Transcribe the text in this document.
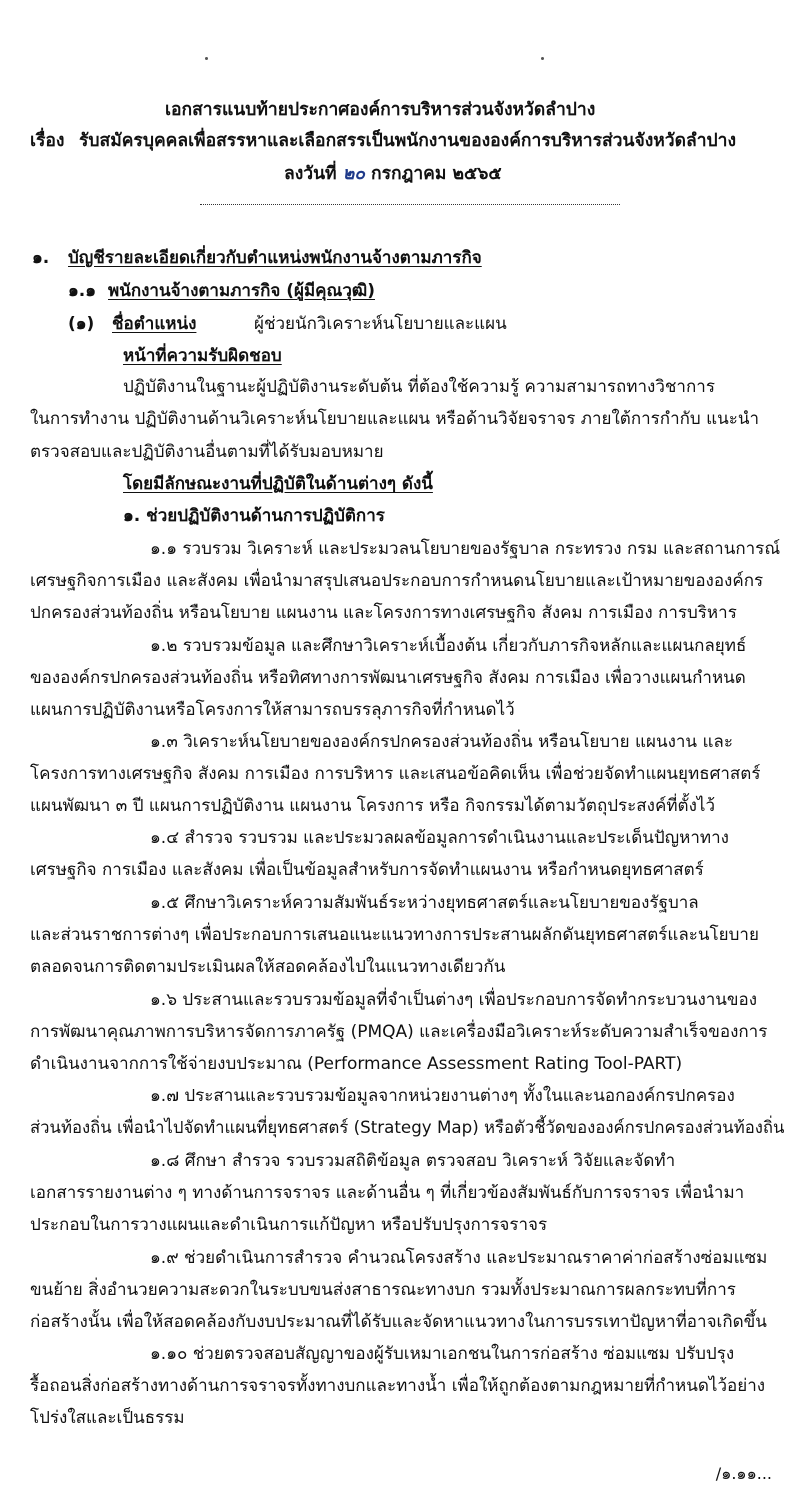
เอกสารแนบท้ายประกาศองค์การบริหารส่วนจังหวัดลำปาง
เรื่อง รับสมัครบุคคลเพื่อสรรหาและเลือกสรรเป็นพนักงานขององค์การบริหารส่วนจังหวัดลำปาง
ลงวันที่ ๒๐ กรกฎาคม ๒๕๖๕
๑. บัญชีรายละเอียดเกี่ยวกับตำแหน่งพนักงานจ้างตามภารกิจ
๑.๑ พนักงานจ้างตามภารกิจ (ผู้มีคุณวุฒิ)
(๑) ชื่อตำแหน่ง	ผู้ช่วยนักวิเคราะห์นโยบายและแผน
หน้าที่ความรับผิดชอบ
ปฏิบัติงานในฐานะผู้ปฏิบัติงานระดับต้น ที่ต้องใช้ความรู้ ความสามารถทางวิชาการ
ในการทำงาน ปฏิบัติงานด้านวิเคราะห์นโยบายและแผน หรือด้านวิจัยจราจร ภายใต้การกำกับ แนะนำ
ตรวจสอบและปฏิบัติงานอื่นตามที่ได้รับมอบหมาย
โดยมีลักษณะงานที่ปฏิบัติในด้านต่างๆ ดังนี้
๑. ช่วยปฏิบัติงานด้านการปฏิบัติการ
๑.๑ รวบรวม วิเคราะห์ และประมวลนโยบายของรัฐบาล กระทรวง กรม และสถานการณ์
เศรษฐกิจการเมือง และสังคม เพื่อนำมาสรุปเสนอประกอบการกำหนดนโยบายและเป้าหมายขององค์กร
ปกครองส่วนท้องถิ่น หรือนโยบาย แผนงาน และโครงการทางเศรษฐกิจ สังคม การเมือง การบริหาร
๑.๒ รวบรวมข้อมูล และศึกษาวิเคราะห์เบื้องต้น เกี่ยวกับภารกิจหลักและแผนกลยุทธ์
ขององค์กรปกครองส่วนท้องถิ่น หรือทิศทางการพัฒนาเศรษฐกิจ สังคม การเมือง เพื่อวางแผนกำหนด
แผนการปฏิบัติงานหรือโครงการให้สามารถบรรลุภารกิจที่กำหนดไว้
๑.๓ วิเคราะห์นโยบายขององค์กรปกครองส่วนท้องถิ่น หรือนโยบาย แผนงาน และ
โครงการทางเศรษฐกิจ สังคม การเมือง การบริหาร และเสนอข้อคิดเห็น เพื่อช่วยจัดทำแผนยุทธศาสตร์
แผนพัฒนา ๓ ปี แผนการปฏิบัติงาน แผนงาน โครงการ หรือ กิจกรรมได้ตามวัตถุประสงค์ที่ตั้งไว้
๑.๔ สำรวจ รวบรวม และประมวลผลข้อมูลการดำเนินงานและประเด็นปัญหาทาง
เศรษฐกิจ การเมือง และสังคม เพื่อเป็นข้อมูลสำหรับการจัดทำแผนงาน หรือกำหนดยุทธศาสตร์
๑.๕ ศึกษาวิเคราะห์ความสัมพันธ์ระหว่างยุทธศาสตร์และนโยบายของรัฐบาล
และส่วนราชการต่างๆ เพื่อประกอบการเสนอแนะแนวทางการประสานผลักดันยุทธศาสตร์และนโยบาย
ตลอดจนการติดตามประเมินผลให้สอดคล้องไปในแนวทางเดียวกัน
๑.๖ ประสานและรวบรวมข้อมูลที่จำเป็นต่างๆ เพื่อประกอบการจัดทำกระบวนงานของ
การพัฒนาคุณภาพการบริหารจัดการภาครัฐ (PMQA) และเครื่องมือวิเคราะห์ระดับความสำเร็จของการ
ดำเนินงานจากการใช้จ่ายงบประมาณ (Performance Assessment Rating Tool-PART)
๑.๗ ประสานและรวบรวมข้อมูลจากหน่วยงานต่างๆ ทั้งในและนอกองค์กรปกครอง
ส่วนท้องถิ่น เพื่อนำไปจัดทำแผนที่ยุทธศาสตร์ (Strategy Map) หรือตัวชี้วัดขององค์กรปกครองส่วนท้องถิ่น
๑.๘ ศึกษา สำรวจ รวบรวมสถิติข้อมูล ตรวจสอบ วิเคราะห์ วิจัยและจัดทำ
เอกสารรายงานต่าง ๆ ทางด้านการจราจร และด้านอื่น ๆ ที่เกี่ยวข้องสัมพันธ์กับการจราจร เพื่อนำมา
ประกอบในการวางแผนและดำเนินการแก้ปัญหา หรือปรับปรุงการจราจร
๑.๙ ช่วยดำเนินการสำรวจ คำนวณโครงสร้าง และประมาณราคาค่าก่อสร้างซ่อมแซม
ขนย้าย สิ่งอำนวยความสะดวกในระบบขนส่งสาธารณะทางบก รวมทั้งประมาณการผลกระทบที่การ
ก่อสร้างนั้น เพื่อให้สอดคล้องกับงบประมาณที่ได้รับและจัดหาแนวทางในการบรรเทาปัญหาที่อาจเกิดขึ้น
๑.๑๐ ช่วยตรวจสอบสัญญาของผู้รับเหมาเอกชนในการก่อสร้าง ซ่อมแซม ปรับปรุง
รื้อถอนสิ่งก่อสร้างทางด้านการจราจรทั้งทางบกและทางน้ำ เพื่อให้ถูกต้องตามกฎหมายที่กำหนดไว้อย่าง
โปร่งใสและเป็นธรรม
/๑.๑๑...
